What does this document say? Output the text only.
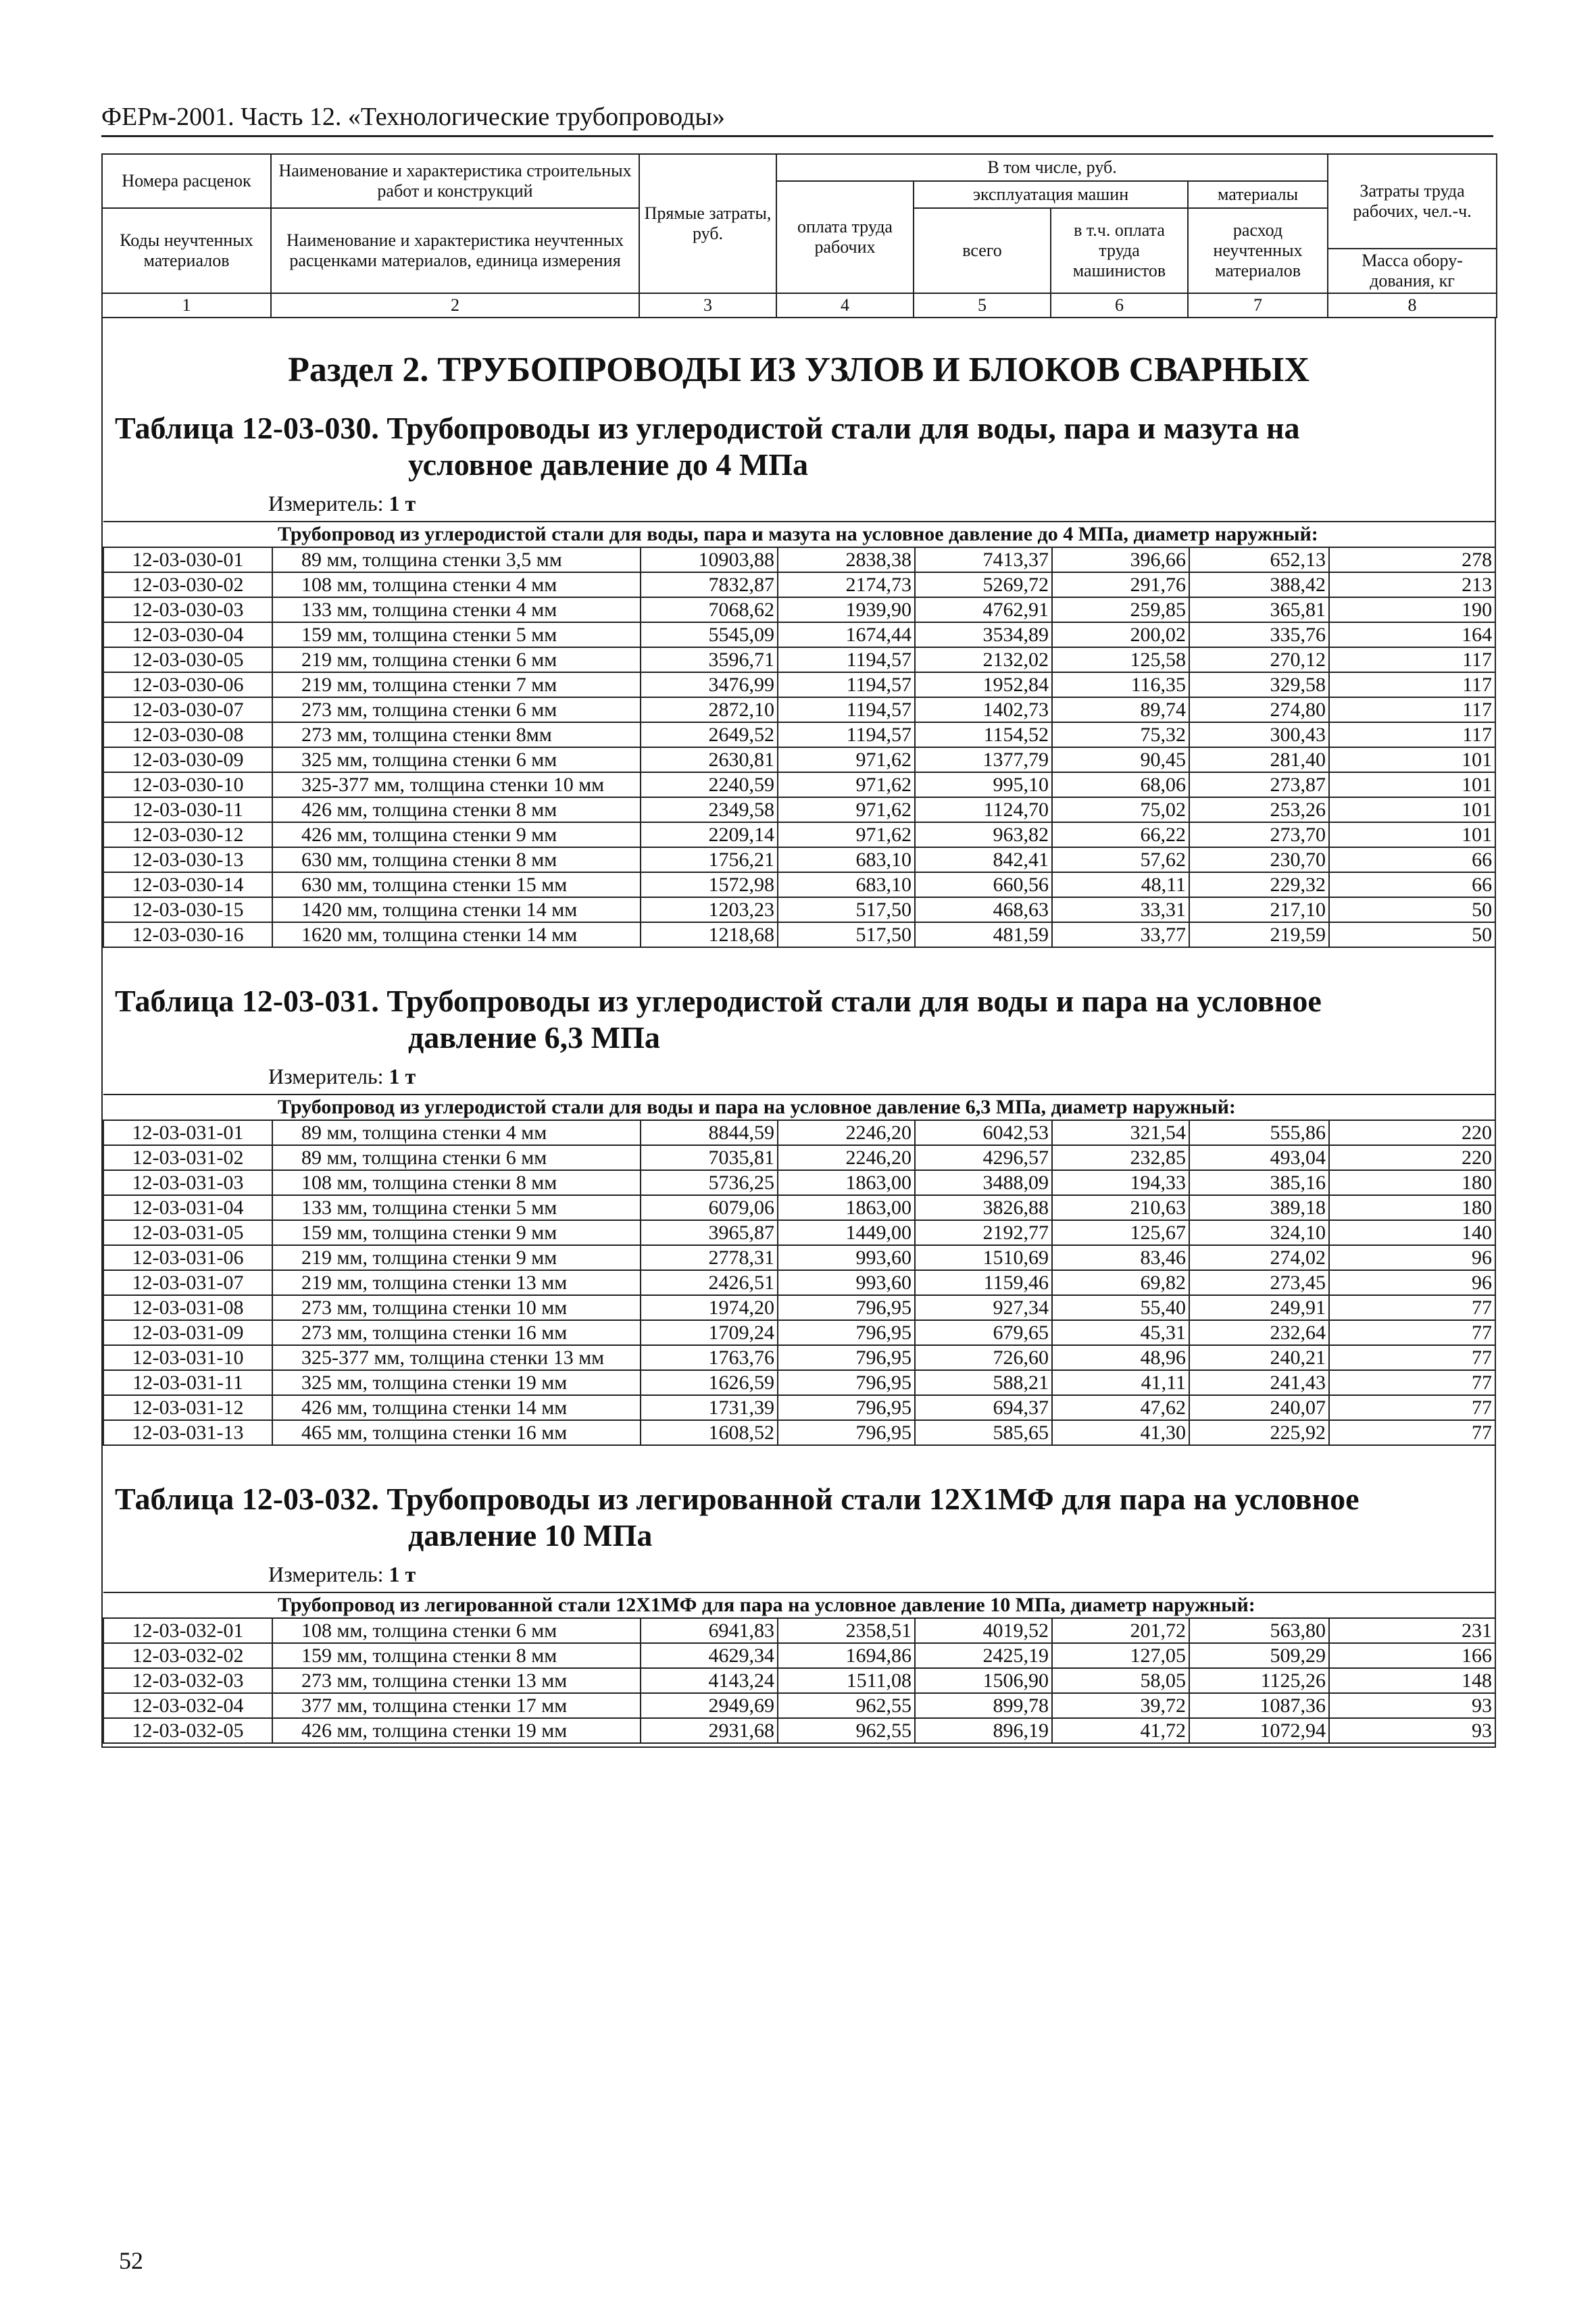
ФЕРм-2001. Часть 12. «Технологические трубопроводы»
Номера расценок	Наименование и характеристика строительных работ и конструкций	Прямые затраты, руб.	В том числе, руб.				Затраты труда рабочих, чел.-ч.
			оплата труда рабочих	эксплуатация машин		материалы	
Коды неучтенных материалов	Наименование и характеристика неучтенных расценками материалов, единица измерения			всего	в т.ч. оплата труда машинистов	расход неучтенных материалов	
							Масса обору-дования, кг
1	2	3	4	5	6	7	8
Раздел 2. ТРУБОПРОВОДЫ ИЗ УЗЛОВ И БЛОКОВ СВАРНЫХ
Таблица 12-03-030. Трубопроводы из углеродистой стали для воды, пара и мазута на
условное давление до 4 МПа
Измеритель: 1 т
Трубопровод из углеродистой стали для воды, пара и мазута на условное давление до 4 МПа, диаметр наружный:							
12-03-030-01	89 мм, толщина стенки 3,5 мм	10903,88	2838,38	7413,37	396,66	652,13	278
12-03-030-02	108 мм, толщина стенки 4 мм	7832,87	2174,73	5269,72	291,76	388,42	213
12-03-030-03	133 мм, толщина стенки 4 мм	7068,62	1939,90	4762,91	259,85	365,81	190
12-03-030-04	159 мм, толщина стенки 5 мм	5545,09	1674,44	3534,89	200,02	335,76	164
12-03-030-05	219 мм, толщина стенки 6 мм	3596,71	1194,57	2132,02	125,58	270,12	117
12-03-030-06	219 мм, толщина стенки 7 мм	3476,99	1194,57	1952,84	116,35	329,58	117
12-03-030-07	273 мм, толщина стенки 6 мм	2872,10	1194,57	1402,73	89,74	274,80	117
12-03-030-08	273 мм, толщина стенки 8мм	2649,52	1194,57	1154,52	75,32	300,43	117
12-03-030-09	325 мм, толщина стенки 6 мм	2630,81	971,62	1377,79	90,45	281,40	101
12-03-030-10	325-377 мм, толщина стенки 10 мм	2240,59	971,62	995,10	68,06	273,87	101
12-03-030-11	426 мм, толщина стенки 8 мм	2349,58	971,62	1124,70	75,02	253,26	101
12-03-030-12	426 мм, толщина стенки 9 мм	2209,14	971,62	963,82	66,22	273,70	101
12-03-030-13	630 мм, толщина стенки 8 мм	1756,21	683,10	842,41	57,62	230,70	66
12-03-030-14	630 мм, толщина стенки 15 мм	1572,98	683,10	660,56	48,11	229,32	66
12-03-030-15	1420 мм, толщина стенки 14 мм	1203,23	517,50	468,63	33,31	217,10	50
12-03-030-16	1620 мм, толщина стенки 14 мм	1218,68	517,50	481,59	33,77	219,59	50
Таблица 12-03-031. Трубопроводы из углеродистой стали для воды и пара на условное
давление 6,3 МПа
Измеритель: 1 т
Трубопровод из углеродистой стали для воды и пара на условное давление 6,3 МПа, диаметр наружный:							
12-03-031-01	89 мм, толщина стенки 4 мм	8844,59	2246,20	6042,53	321,54	555,86	220
12-03-031-02	89 мм, толщина стенки 6 мм	7035,81	2246,20	4296,57	232,85	493,04	220
12-03-031-03	108 мм, толщина стенки 8 мм	5736,25	1863,00	3488,09	194,33	385,16	180
12-03-031-04	133 мм, толщина стенки 5 мм	6079,06	1863,00	3826,88	210,63	389,18	180
12-03-031-05	159 мм, толщина стенки 9 мм	3965,87	1449,00	2192,77	125,67	324,10	140
12-03-031-06	219 мм, толщина стенки 9 мм	2778,31	993,60	1510,69	83,46	274,02	96
12-03-031-07	219 мм, толщина стенки 13 мм	2426,51	993,60	1159,46	69,82	273,45	96
12-03-031-08	273 мм, толщина стенки 10 мм	1974,20	796,95	927,34	55,40	249,91	77
12-03-031-09	273 мм, толщина стенки 16 мм	1709,24	796,95	679,65	45,31	232,64	77
12-03-031-10	325-377 мм, толщина стенки 13 мм	1763,76	796,95	726,60	48,96	240,21	77
12-03-031-11	325 мм, толщина стенки 19 мм	1626,59	796,95	588,21	41,11	241,43	77
12-03-031-12	426 мм, толщина стенки 14 мм	1731,39	796,95	694,37	47,62	240,07	77
12-03-031-13	465 мм, толщина стенки 16 мм	1608,52	796,95	585,65	41,30	225,92	77
Таблица 12-03-032. Трубопроводы из легированной стали 12Х1МФ для пара на условное
давление 10 МПа
Измеритель: 1 т
Трубопровод из легированной стали 12Х1МФ для пара на условное давление 10 МПа, диаметр наружный:							
12-03-032-01	108 мм, толщина стенки 6 мм	6941,83	2358,51	4019,52	201,72	563,80	231
12-03-032-02	159 мм, толщина стенки 8 мм	4629,34	1694,86	2425,19	127,05	509,29	166
12-03-032-03	273 мм, толщина стенки 13 мм	4143,24	1511,08	1506,90	58,05	1125,26	148
12-03-032-04	377 мм, толщина стенки 17 мм	2949,69	962,55	899,78	39,72	1087,36	93
12-03-032-05	426 мм, толщина стенки 19 мм	2931,68	962,55	896,19	41,72	1072,94	93
52
